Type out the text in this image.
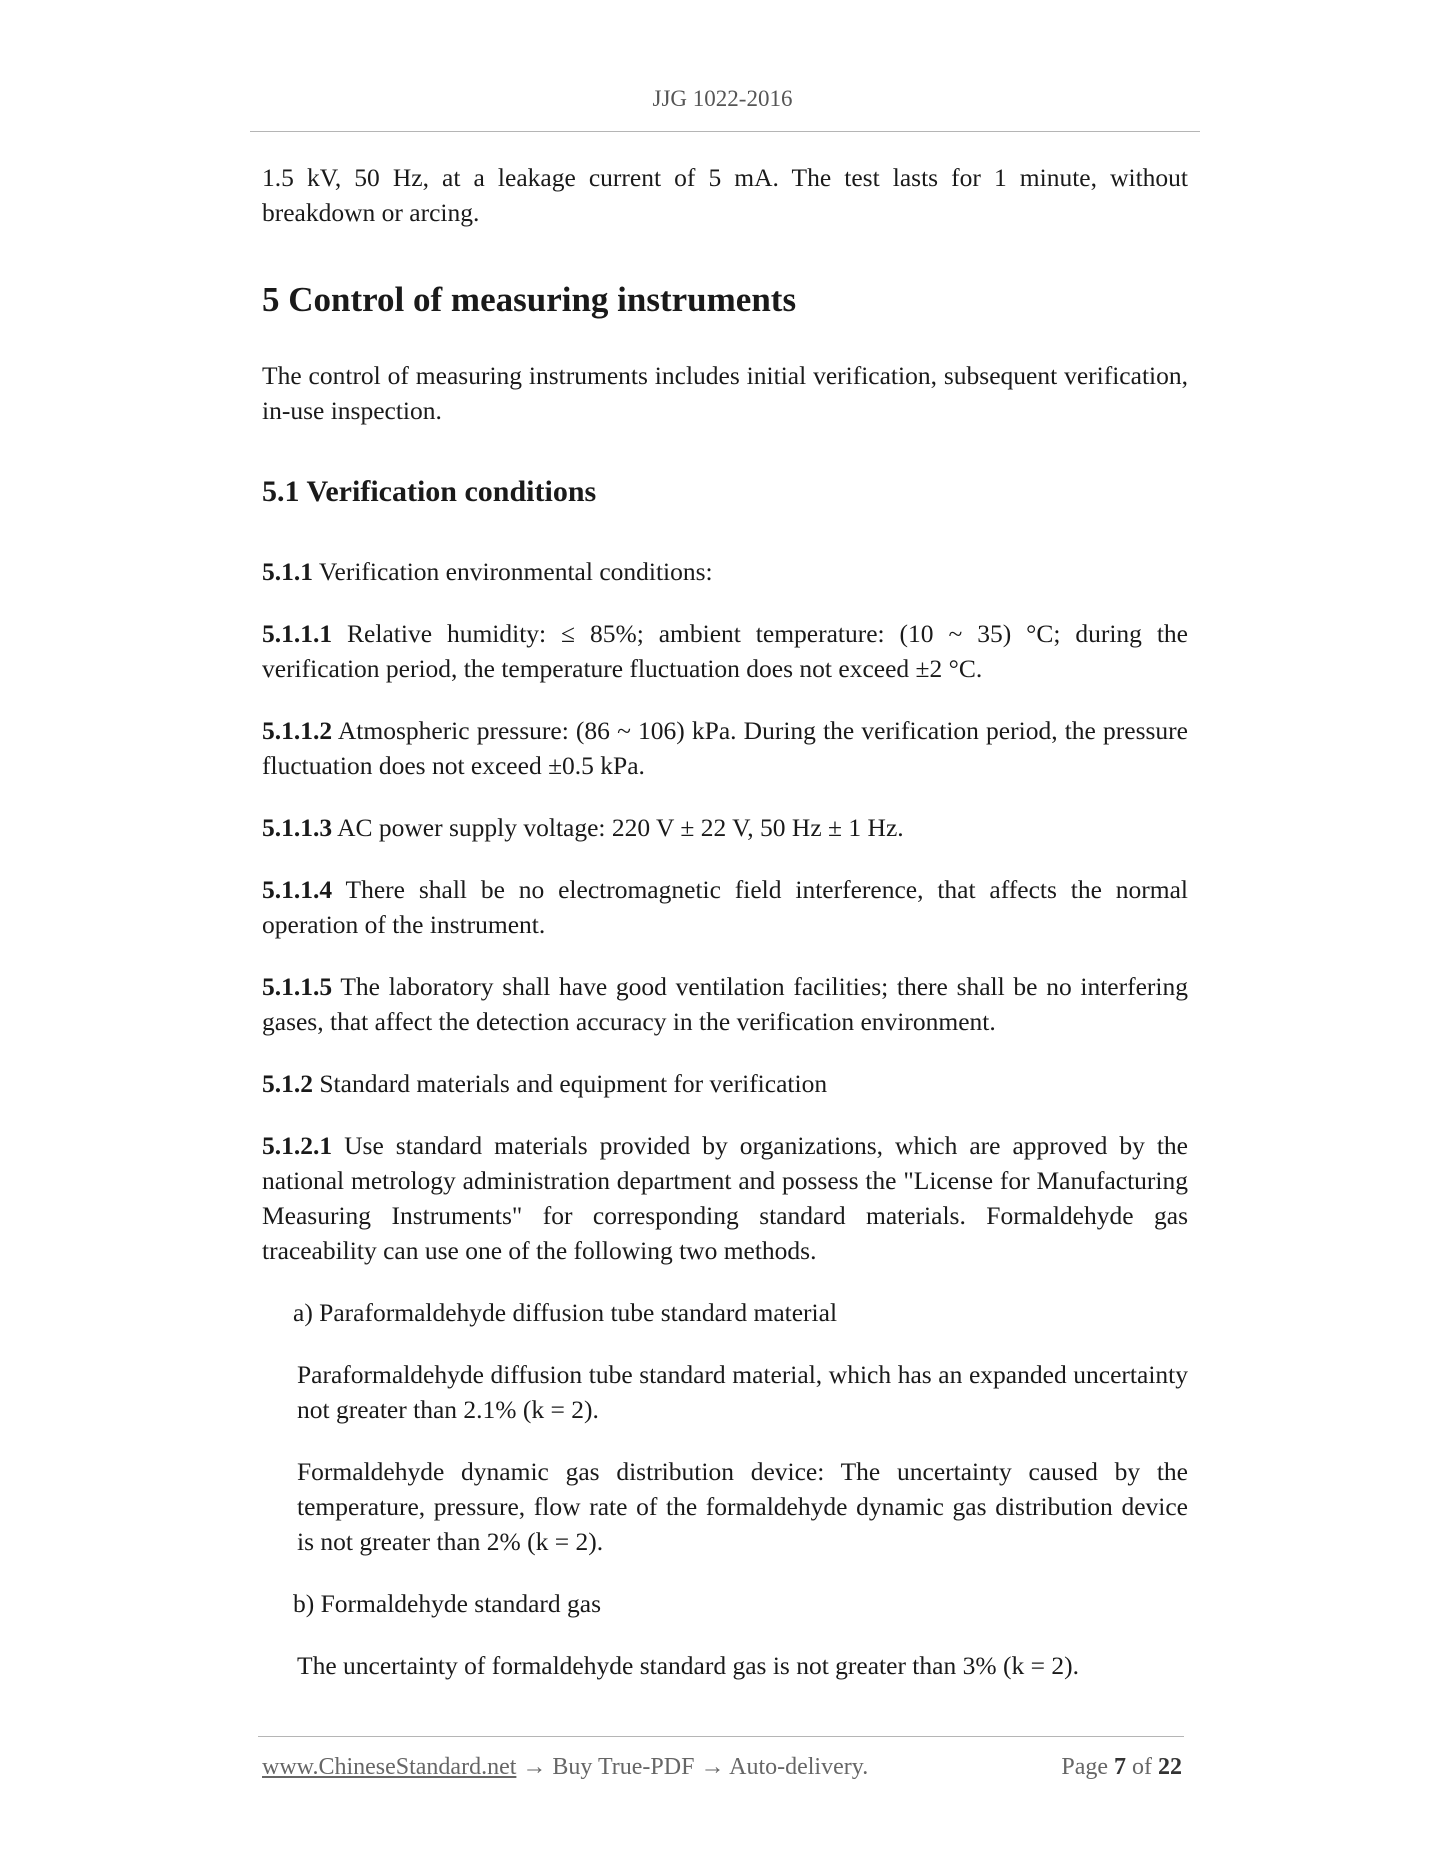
JJG 1022-2016

1.5 kV, 50 Hz, at a leakage current of 5 mA. The test lasts for 1 minute, without breakdown or arcing.

5 Control of measuring instruments

The control of measuring instruments includes initial verification, subsequent verification, in-use inspection.

5.1 Verification conditions

5.1.1 Verification environmental conditions:

5.1.1.1 Relative humidity: ≤ 85%; ambient temperature: (10 ~ 35) °C; during the verification period, the temperature fluctuation does not exceed ±2 °C.

5.1.1.2 Atmospheric pressure: (86 ~ 106) kPa. During the verification period, the pressure fluctuation does not exceed ±0.5 kPa.

5.1.1.3 AC power supply voltage: 220 V ± 22 V, 50 Hz ± 1 Hz.

5.1.1.4 There shall be no electromagnetic field interference, that affects the normal operation of the instrument.

5.1.1.5 The laboratory shall have good ventilation facilities; there shall be no interfering gases, that affect the detection accuracy in the verification environment.

5.1.2 Standard materials and equipment for verification

5.1.2.1 Use standard materials provided by organizations, which are approved by the national metrology administration department and possess the "License for Manufacturing Measuring Instruments" for corresponding standard materials. Formaldehyde gas traceability can use one of the following two methods.

a) Paraformaldehyde diffusion tube standard material

Paraformaldehyde diffusion tube standard material, which has an expanded uncertainty not greater than 2.1% (k = 2).

Formaldehyde dynamic gas distribution device: The uncertainty caused by the temperature, pressure, flow rate of the formaldehyde dynamic gas distribution device is not greater than 2% (k = 2).

b) Formaldehyde standard gas

The uncertainty of formaldehyde standard gas is not greater than 3% (k = 2).

www.ChineseStandard.net → Buy True-PDF → Auto-delivery.	Page 7 of 22
